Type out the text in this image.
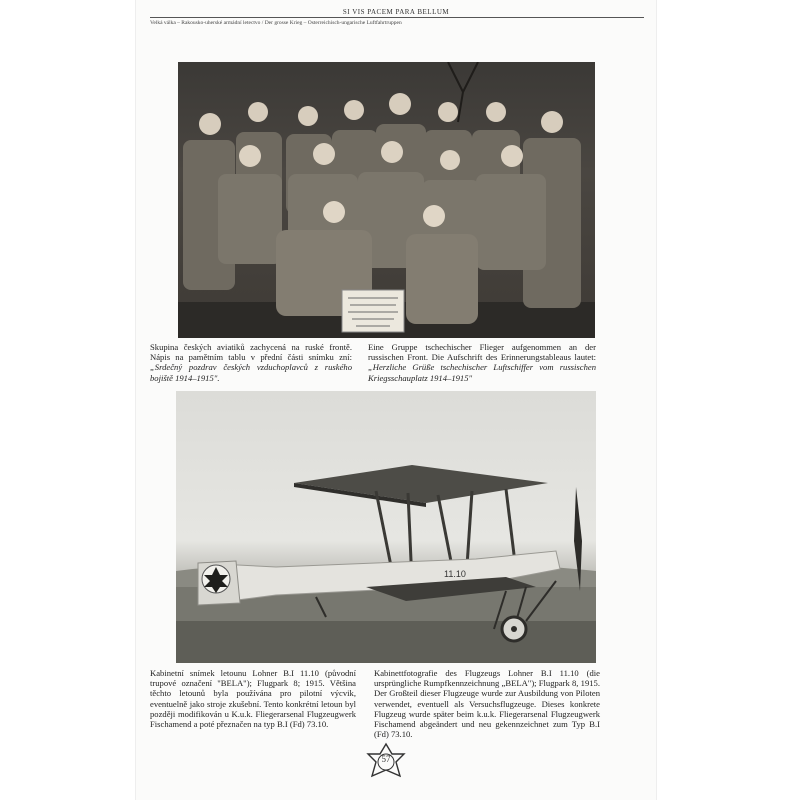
SI VIS PACEM PARA BELLUM
Velká válka – Rakousko-uherské armádní letectvo / Der grosse Krieg – Österreichisch-ungarische Luftfahrtruppen
Skupina českých aviatiků zachycená na ruské frontě. Nápis na pamětním tablu v přední části snímku zní: „Srdečný pozdrav českých vzduchoplavců z ruského bojiště 1914–1915".
Eine Gruppe tschechischer Flieger aufgenommen an der russischen Front. Die Aufschrift des Erinnerungstableaus lautet: „Herzliche Grüße tschechischer Luftschiffer vom russischen Kriegsschauplatz 1914–1915"
11.10
Kabinetní snímek letounu Lohner B.I 11.10 (původní trupové označení "BELA"); Flugpark 8; 1915. Většina těchto letounů byla používána pro pilotní výcvik, eventuelně jako stroje zkušební. Tento konkrétní letoun byl později modifikován u K.u.k. Fliegerarsenal Flugzeugwerk Fischamend a poté přeznačen na typ B.I (Fd) 73.10.
Kabinettfotografie des Flugzeugs Lohner B.I 11.10 (die ursprüngliche Rumpfkennzeichnung „BELA"); Flugpark 8, 1915. Der Großteil dieser Flugzeuge wurde zur Ausbildung von Piloten verwendet, eventuell als Versuchsflugzeuge. Dieses konkrete Flugzeug wurde später beim k.u.k. Fliegerarsenal Flugzeugwerk Fischamend abgeändert und neu gekennzeichnet zum Typ B.I (Fd) 73.10.
57
